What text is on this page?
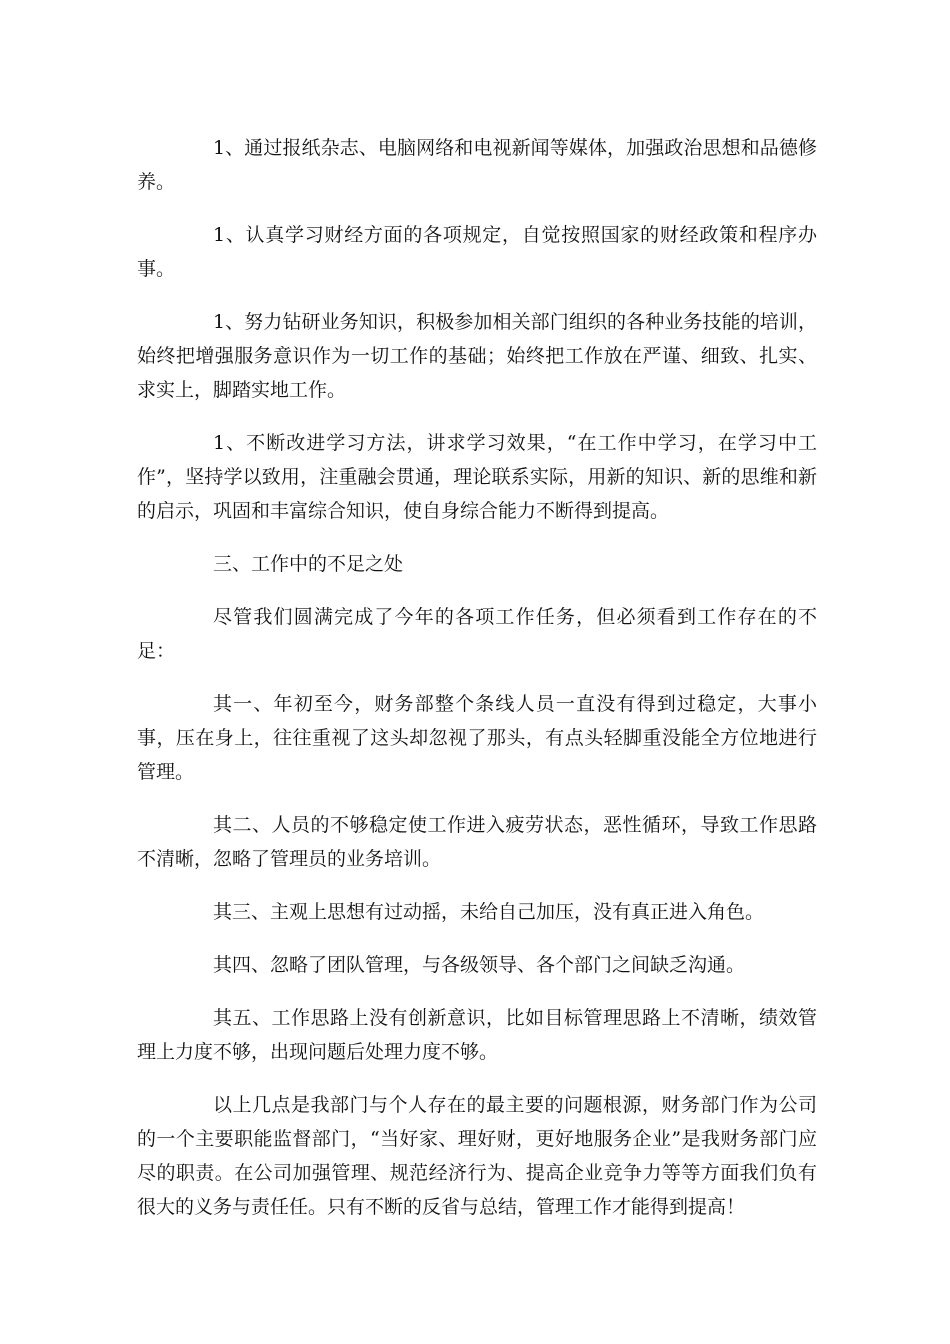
1、通过报纸杂志、电脑网络和电视新闻等媒体，加强政治思想和品德修养。

1、认真学习财经方面的各项规定，自觉按照国家的财经政策和程序办事。

1、努力钻研业务知识，积极参加相关部门组织的各种业务技能的培训，始终把增强服务意识作为一切工作的基础；始终把工作放在严谨、细致、扎实、求实上，脚踏实地工作。

1、不断改进学习方法，讲求学习效果，“在工作中学习，在学习中工作”，坚持学以致用，注重融会贯通，理论联系实际，用新的知识、新的思维和新的启示，巩固和丰富综合知识，使自身综合能力不断得到提高。

三、工作中的不足之处

尽管我们圆满完成了今年的各项工作任务，但必须看到工作存在的不足：

其一、年初至今，财务部整个条线人员一直没有得到过稳定，大事小事，压在身上，往往重视了这头却忽视了那头，有点头轻脚重没能全方位地进行管理。

其二、人员的不够稳定使工作进入疲劳状态，恶性循环，导致工作思路不清晰，忽略了管理员的业务培训。

其三、主观上思想有过动摇，未给自己加压，没有真正进入角色。

其四、忽略了团队管理，与各级领导、各个部门之间缺乏沟通。

其五、工作思路上没有创新意识，比如目标管理思路上不清晰，绩效管理上力度不够，出现问题后处理力度不够。

以上几点是我部门与个人存在的最主要的问题根源，财务部门作为公司的一个主要职能监督部门，“当好家、理好财，更好地服务企业”是我财务部门应尽的职责。在公司加强管理、规范经济行为、提高企业竞争力等等方面我们负有很大的义务与责任任。只有不断的反省与总结，管理工作才能得到提高！
